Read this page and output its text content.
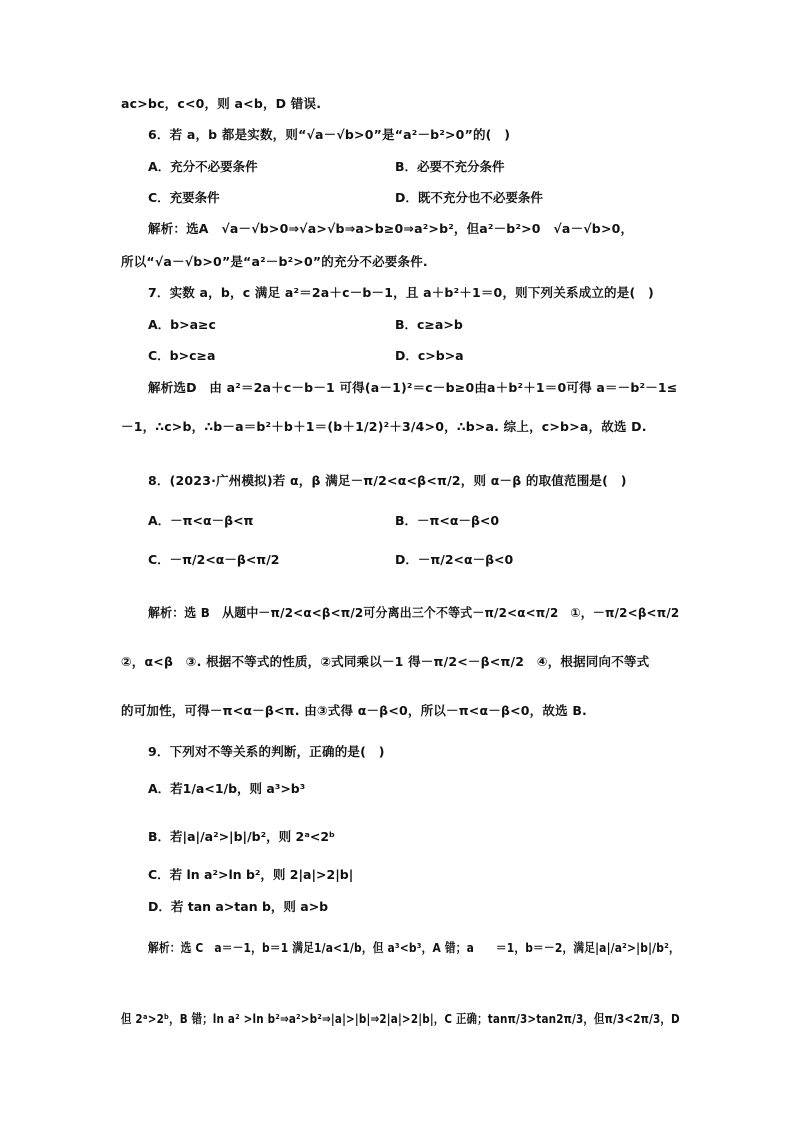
ac>bc，c<0，则 a<b，D 错误.
6．若 a，b 都是实数，则“√a－√b>0”是“a²－b²>0”的(　)
A．充分不必要条件	B．必要不充分条件
C．充要条件	D．既不充分也不必要条件
解析：选A　√a－√b>0⇒√a>√b⇒a>b≥0⇒a²>b²，但a²－b²>0　√a－√b>0，
所以“√a－√b>0”是“a²－b²>0”的充分不必要条件.
7．实数 a，b，c 满足 a²＝2a＋c－b－1，且 a＋b²＋1＝0，则下列关系成立的是(　)
A．b>a≥c	B．c≥a>b
C．b>c≥a	D．c>b>a
解析选D　由 a²＝2a＋c－b－1 可得(a－1)²＝c－b≥0由a＋b²＋1＝0可得 a＝－b²－1≤
－1，∴c>b，∴b－a＝b²＋b＋1＝(b＋1/2)²＋3/4>0，∴b>a. 综上，c>b>a，故选 D.
8．(2023·广州模拟)若 α，β 满足－π/2<α<β<π/2，则 α－β 的取值范围是(　)
A．－π<α－β<π	B．－π<α－β<0
C．－π/2<α－β<π/2	D．－π/2<α－β<0
解析：选 B　从题中－π/2<α<β<π/2可分离出三个不等式－π/2<α<π/2　①，－π/2<β<π/2
②，α<β　③. 根据不等式的性质，②式同乘以－1 得－π/2<－β<π/2　④，根据同向不等式
的可加性，可得－π<α－β<π. 由③式得 α－β<0，所以－π<α－β<0，故选 B.
9．下列对不等关系的判断，正确的是(　)
A．若1/a<1/b，则 a³>b³
B．若|a|/a²>|b|/b²，则 2ᵃ<2ᵇ
C．若 ln a²>ln b²，则 2|a|>2|b|
D．若 tan a>tan b，则 a>b
解析：选 C　a＝－1，b＝1 满足1/a<1/b，但 a³<b³，A 错；a　　＝1，b＝－2，满足|a|/a²>|b|/b²，
但 2ᵃ>2ᵇ，B 错；ln a² >ln b²⇒a²>b²⇒|a|>|b|⇒2|a|>2|b|，C 正确；tanπ/3>tan2π/3，但π/3<2π/3，D
